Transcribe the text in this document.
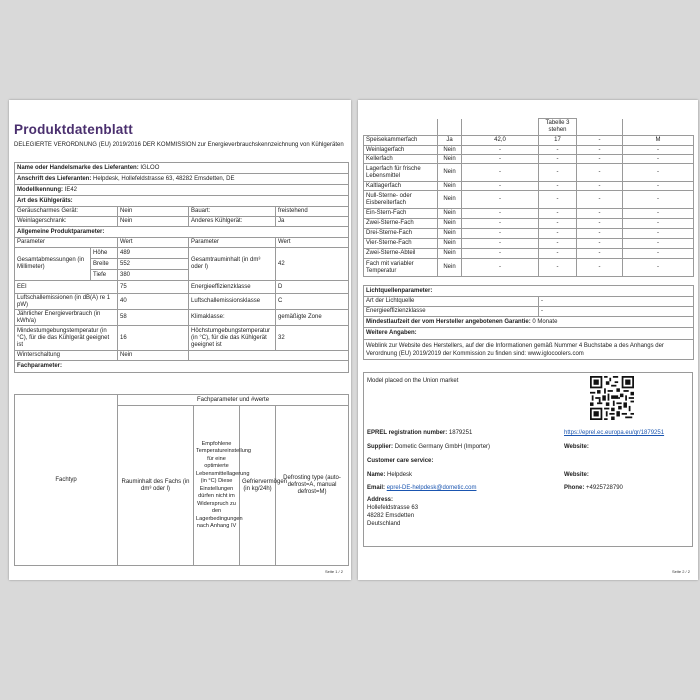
Produktdatenblatt
DELEGIERTE VERORDNUNG (EU) 2019/2016 DER KOMMISSION zur Energieverbrauchskennzeichnung von Kühlgeräten
Name oder Handelsmarke des Lieferanten: IGLOO				
Anschrift des Lieferanten: Helpdesk, Hollefeldstrasse 63, 48282 Emsdetten, DE				
Modellkennung: IE42				
Art des Kühlgeräts:				
Geräuscharmes Gerät:		Nein	Bauart:	freistehend
Weinlagerschrank:		Nein	Anderes Kühlgerät:	Ja
Allgemeine Produktparameter:				
Parameter		Wert	Parameter	Wert
Gesamtabmessungen (in Millimeter)	Höhe	489	Gesamtrauminhalt (in dm³ oder l)	42
	Breite	552		
	Tiefe	380		
EEI		75	Energieeffizienzklasse	D
Luftschallemissionen (in dB(A) re 1 pW)		40	Luftschallemissionsklasse	C
Jährlicher Energieverbrauch (in kWh/a)		58	Klimaklasse:	gemäßigte Zone
Mindestumgebungstemperatur (in °C), für die das Kühlgerät geeignet ist		16	Höchstumgebungstemperatur (in °C), für die das Kühlgerät geeignet ist	32
Winterschaltung		Nein		
Fachparameter:				
Fachtyp	Fachparameter und #werte			
	Rauminhalt des Fachs (in dm³ oder l)	Empfohlene Temperatureinstellung für eine optimierte Lebensmittellagerung (in °C) Diese Einstellungen dürfen nicht im Widerspruch zu den Lagerbedingungen nach Anhang IV	Gefriervermögen (in kg/24h)	Defrosting type (auto-defrost=A, manual defrost=M)
Seite 1 / 2
			Tabelle 3 stehen		
Speisekammerfach	Ja	42,0	17	-	M
Weinlagerfach	Nein	-	-	-	-
Kellerfach	Nein	-	-	-	-
Lagerfach für frische Lebensmittel	Nein	-	-	-	-
Kaltlagerfach	Nein	-	-	-	-
Null-Sterne- oder Eisbereiterfach	Nein	-	-	-	-
Ein-Stern-Fach	Nein	-	-	-	-
Zwei-Sterne-Fach	Nein	-	-	-	-
Drei-Sterne-Fach	Nein	-	-	-	-
Vier-Sterne-Fach	Nein	-	-	-	-
Zwei-Sterne-Abteil	Nein	-	-	-	-
Fach mit variabler Temperatur	Nein	-	-	-	-
Lichtquellenparameter:	
Art der Lichtquelle	-
Energieeffizienzklasse	-
Mindestlaufzeit der vom Hersteller angebotenen Garantie: 0 Monate	
Weitere Angaben:	
Weblink zur Website des Herstellers, auf der die Informationen gemäß Nummer 4 Buchstabe a des Anhangs der Verordnung (EU) 2019/2019 der Kommission zu finden sind: www.iglocoolers.com	
Model placed on the Union market
EPREL registration number: 1879251	https://eprel.ec.europa.eu/qr/1879251
Supplier: Dometic Germany GmbH (Importer)	Website:
Customer care service:
Name: Helpdesk	Website:
Email: eprel-DE-helpdesk@dometic.com	Phone: +4925728790
Address:
Hollefeldstrasse 63
48282 Emsdetten
Deutschland
Seite 2 / 2
